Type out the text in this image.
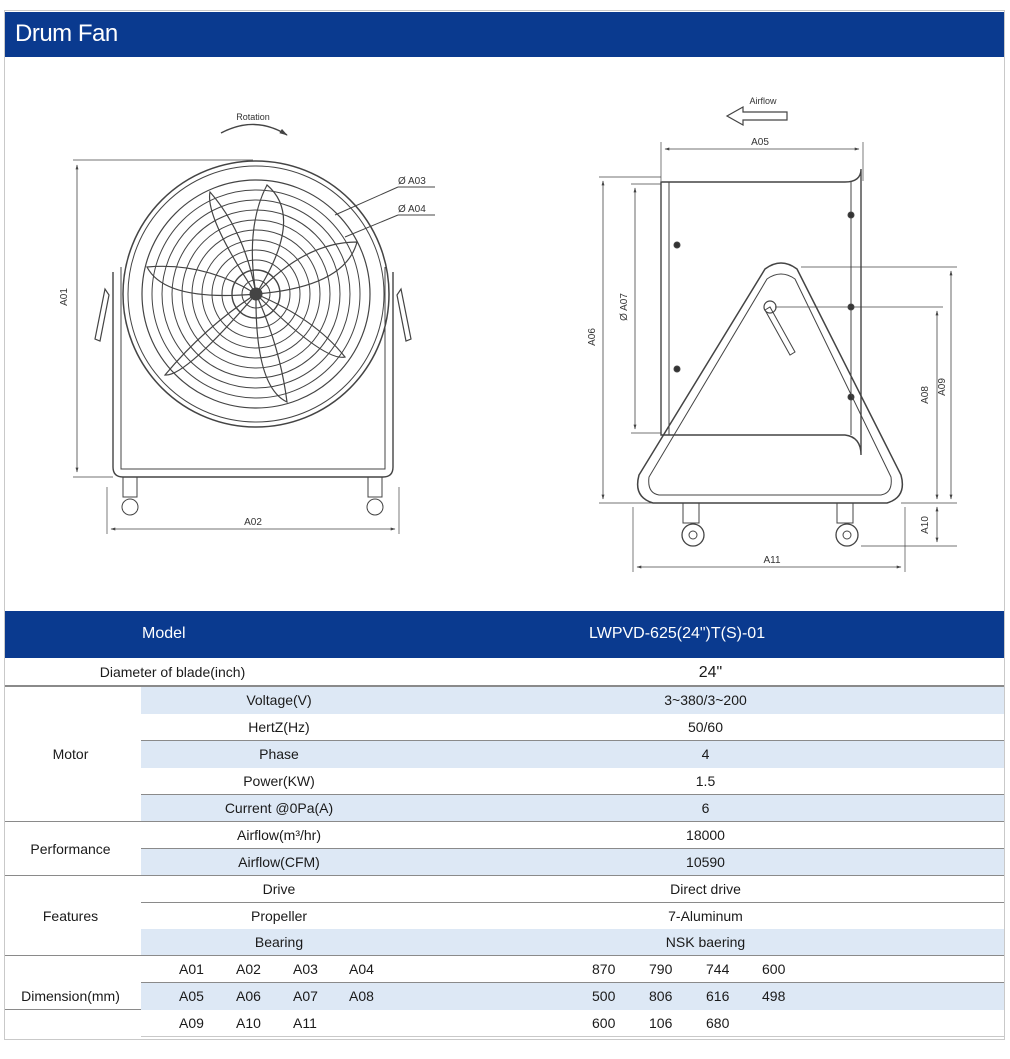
Drum Fan
Rotation
Ø A03
Ø A04
A01
A02
Airflow
A05
A06
Ø A07
A08 A09
A10
A11
Model	LWPVD-625(24")T(S)-01
Diameter of blade(inch)	24"
Motor
Voltage(V)	3~380/3~200
HertZ(Hz)	50/60
Phase	4
Power(KW)	1.5
Current @0Pa(A)	6
Performance
Airflow(m³/hr)	18000
Airflow(CFM)	10590
Features
Drive	Direct drive
Propeller	7-Aluminum
Bearing	NSK baering
Dimension(mm)
A01 A02 A03 A04	870 790 744 600
A05 A06 A07 A08	500 806 616 498
A09 A10 A11	600 106 680
